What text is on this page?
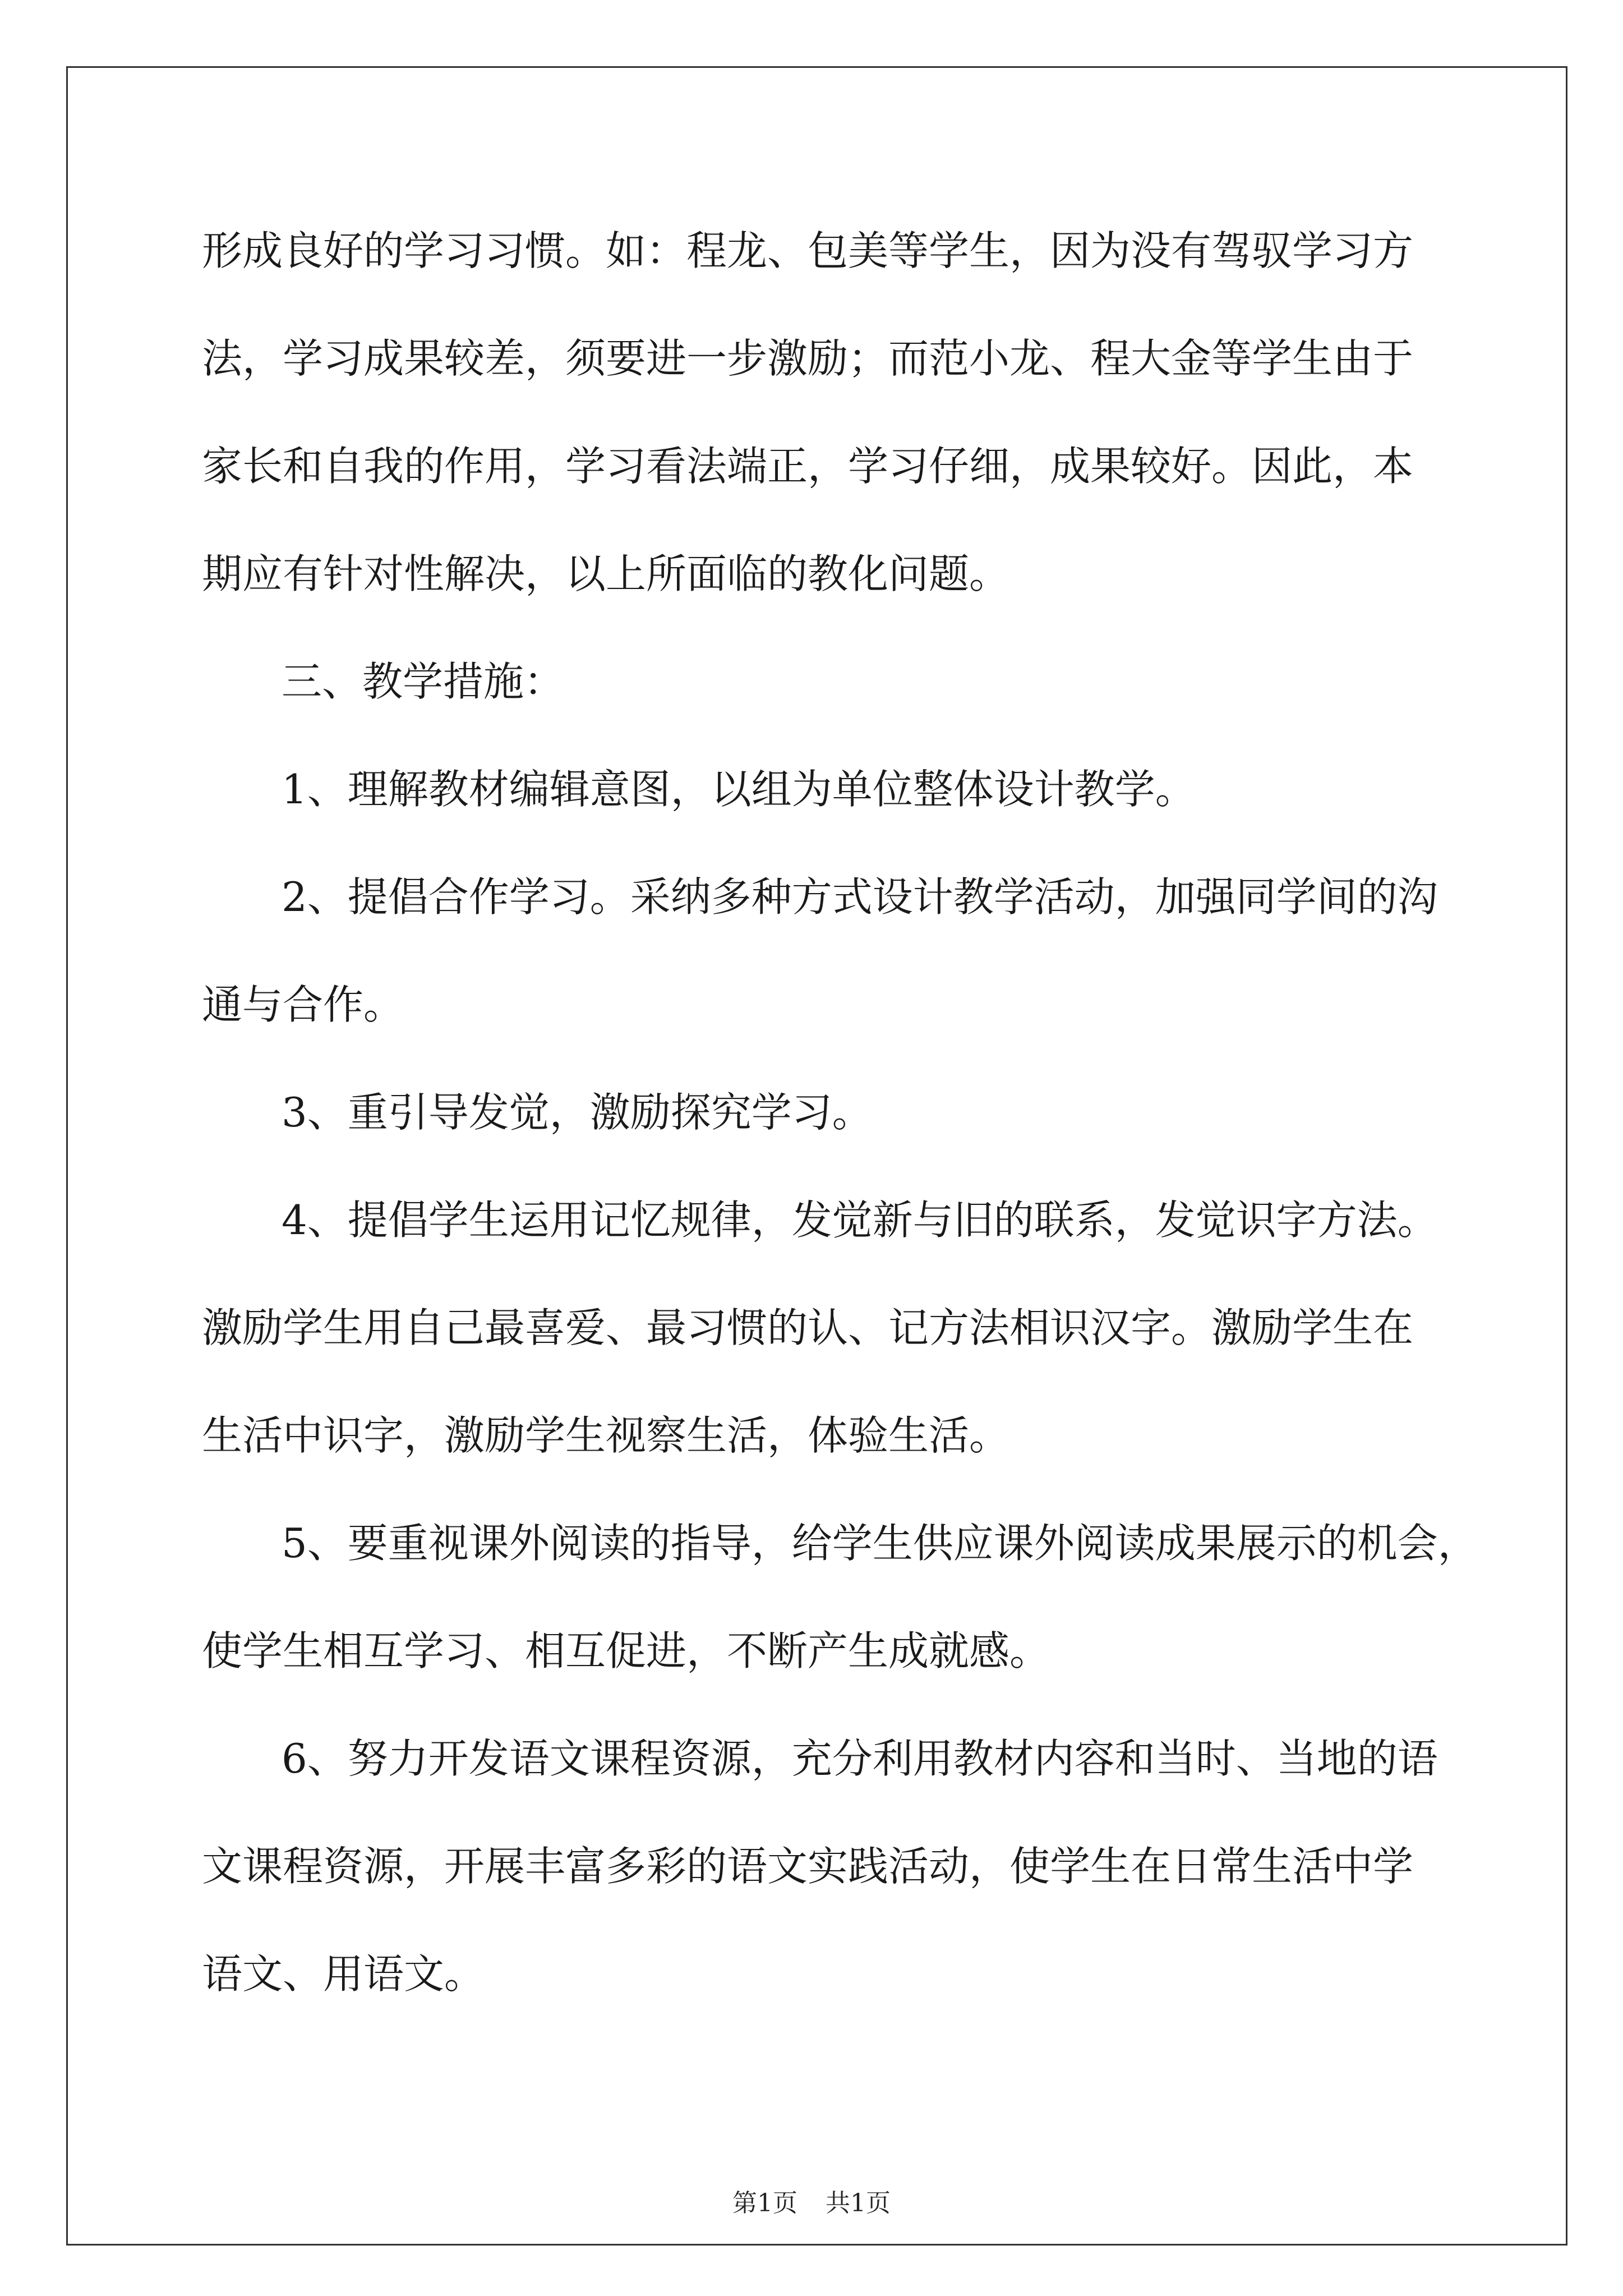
形成良好的学习习惯。如：程龙、包美等学生，因为没有驾驭学习方
法，学习成果较差，须要进一步激励；而范小龙、程大金等学生由于
家长和自我的作用，学习看法端正，学习仔细，成果较好。因此，本
期应有针对性解决，以上所面临的教化问题。
三、教学措施：
1、理解教材编辑意图，以组为单位整体设计教学。
2、提倡合作学习。采纳多种方式设计教学活动，加强同学间的沟
通与合作。
3、重引导发觉，激励探究学习。
4、提倡学生运用记忆规律，发觉新与旧的联系，发觉识字方法。
激励学生用自己最喜爱、最习惯的认、记方法相识汉字。激励学生在
生活中识字，激励学生视察生活，体验生活。
5、要重视课外阅读的指导，给学生供应课外阅读成果展示的机会，
使学生相互学习、相互促进，不断产生成就感。
6、努力开发语文课程资源，充分利用教材内容和当时、当地的语
文课程资源，开展丰富多彩的语文实践活动，使学生在日常生活中学
语文、用语文。
第1页 共1页
